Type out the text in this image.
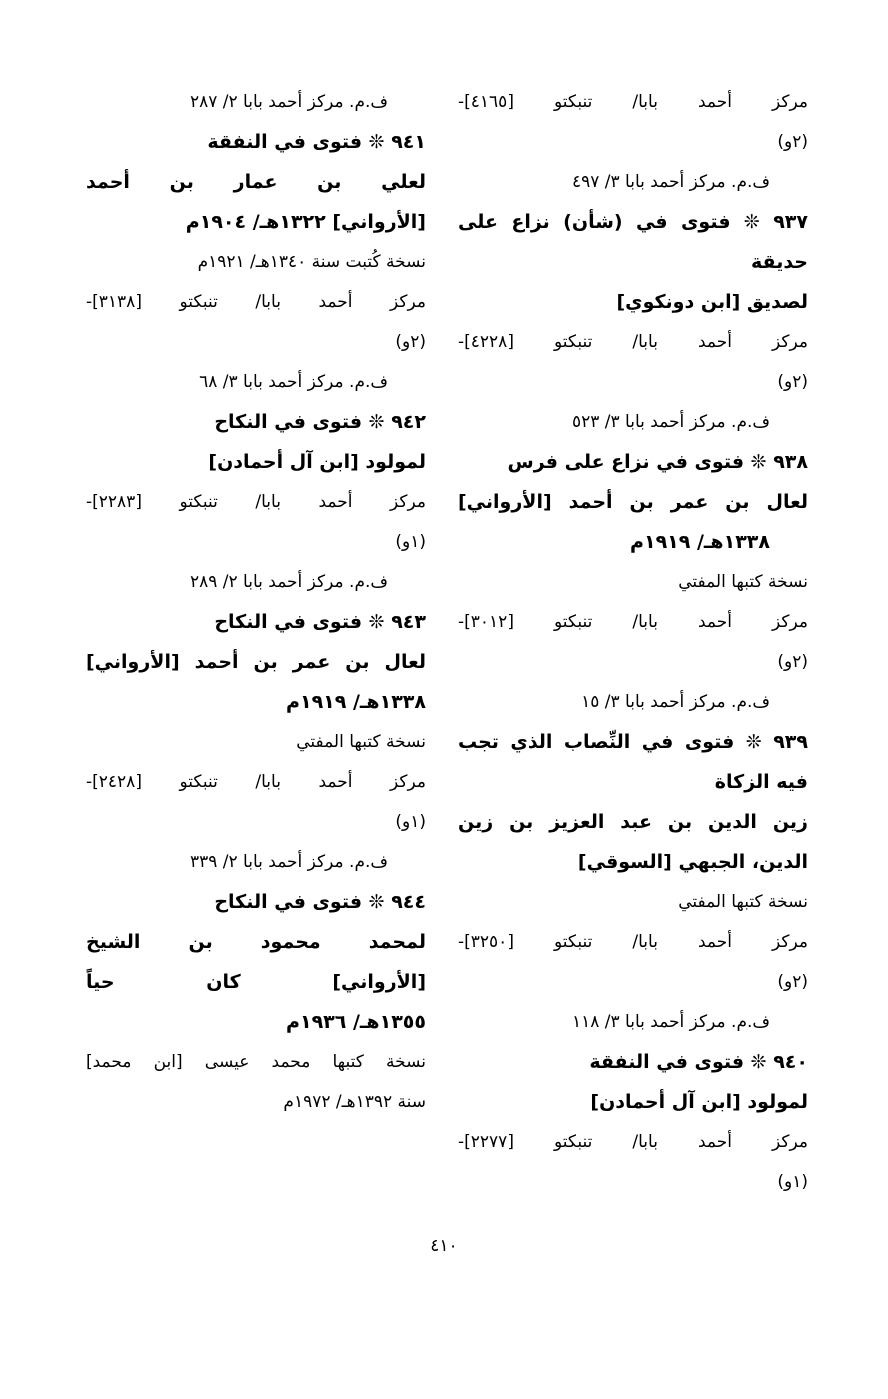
مركز أحمد بابا/ تنبكتو [٤١٦٥]-
(٢و)
ف.م. مركز أحمد بابا ٣/ ٤٩٧
٩٣٧ ❊ فتوى في (شأن) نزاع على
حديقة
لصديق [ابن دونكوي]
مركز أحمد بابا/ تنبكتو [٤٢٢٨]-
(٢و)
ف.م. مركز أحمد بابا ٣/ ٥٢٣
٩٣٨ ❊ فتوى في نزاع على فرس
لعال بن عمر بن أحمد [الأرواني]
١٣٣٨هـ/ ١٩١٩م
نسخة كتبها المفتي
مركز أحمد بابا/ تنبكتو [٣٠١٢]-
(٢و)
ف.م. مركز أحمد بابا ٣/ ١٥
٩٣٩ ❊ فتوى في النِّصاب الذي تجب
فيه الزكاة
زين الدين بن عبد العزيز بن زين
الدين، الجبهي [السوقي]
نسخة كتبها المفتي
مركز أحمد بابا/ تنبكتو [٣٢٥٠]-
(٢و)
ف.م. مركز أحمد بابا ٣/ ١١٨
٩٤٠ ❊ فتوى في النفقة
لمولود [ابن آل أحمادن]
مركز أحمد بابا/ تنبكتو [٢٢٧٧]-
(١و)
ف.م. مركز أحمد بابا ٢/ ٢٨٧
٩٤١ ❊ فتوى في النفقة
لعلي بن عمار بن أحمد
[الأرواني] ١٣٢٢هـ/ ١٩٠٤م
نسخة كُتبت سنة ١٣٤٠هـ/ ١٩٢١م
مركز أحمد بابا/ تنبكتو [٣١٣٨]-
(٢و)
ف.م. مركز أحمد بابا ٣/ ٦٨
٩٤٢ ❊ فتوى في النكاح
لمولود [ابن آل أحمادن]
مركز أحمد بابا/ تنبكتو [٢٢٨٣]-
(١و)
ف.م. مركز أحمد بابا ٢/ ٢٨٩
٩٤٣ ❊ فتوى في النكاح
لعال بن عمر بن أحمد [الأرواني]
١٣٣٨هـ/ ١٩١٩م
نسخة كتبها المفتي
مركز أحمد بابا/ تنبكتو [٢٤٢٨]-
(١و)
ف.م. مركز أحمد بابا ٢/ ٣٣٩
٩٤٤ ❊ فتوى في النكاح
لمحمد محمود بن الشيخ
[الأرواني] كان حياً
١٣٥٥هـ/ ١٩٣٦م
نسخة كتبها محمد عيسى [ابن محمد]
سنة ١٣٩٢هـ/ ١٩٧٢م
٤١٠
